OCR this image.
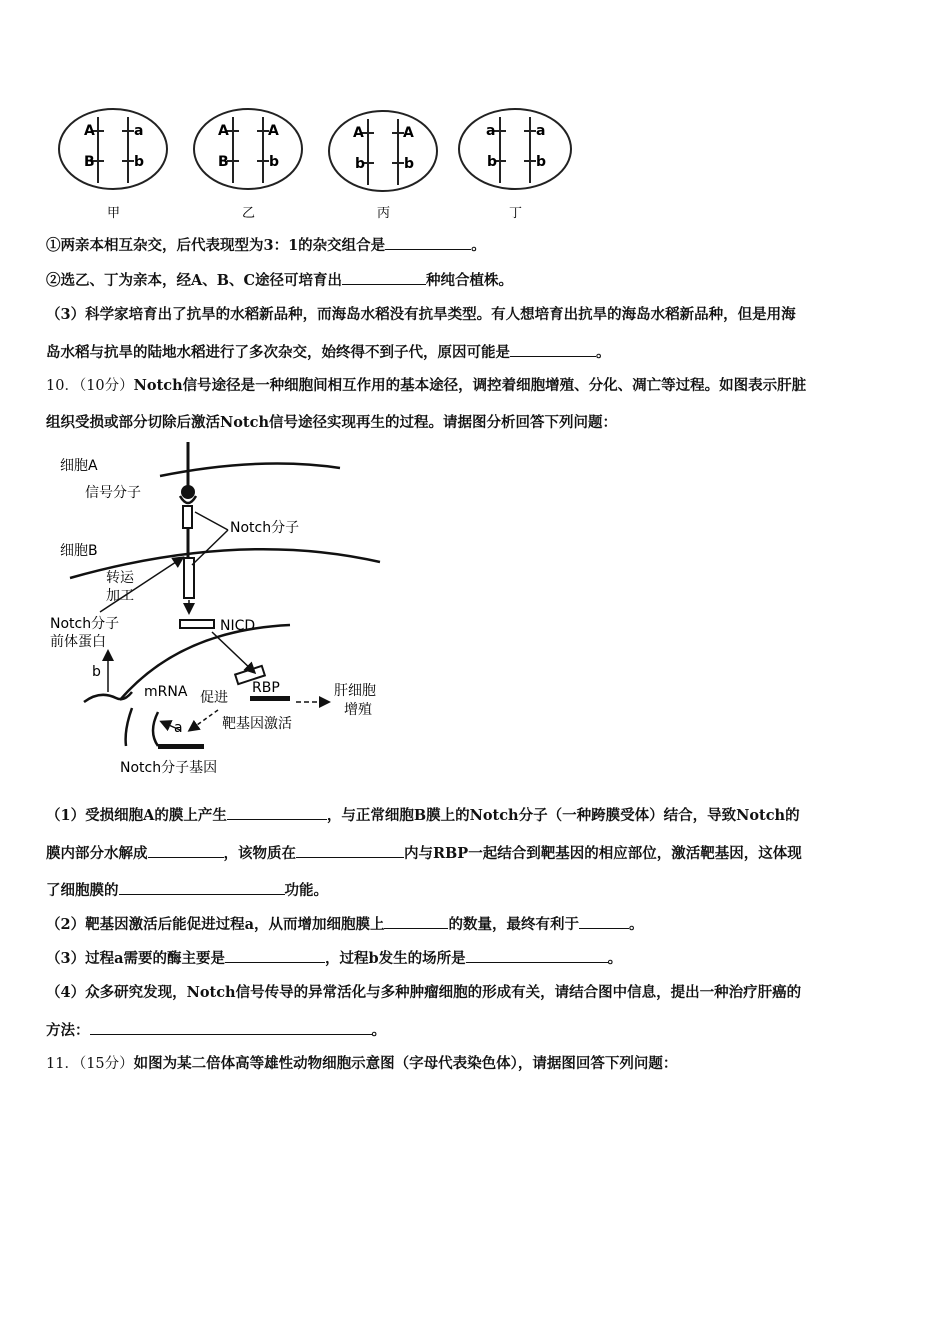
A	a
B	b
甲
A	A
B	b
乙
A	A
b	b
丙
a	a
b	b
丁
①两亲本相互杂交，后代表现型为3：1的杂交组合是	。
②选乙、丁为亲本，经A、B、C途径可培育出	种纯合植株。
（3）科学家培育出了抗旱的水稻新品种，而海岛水稻没有抗旱类型。有人想培育出抗旱的海岛水稻新品种，但是用海
岛水稻与抗旱的陆地水稻进行了多次杂交，始终得不到子代，原因可能是	。
10．（10分）Notch信号途径是一种细胞间相互作用的基本途径，调控着细胞增殖、分化、凋亡等过程。如图表示肝脏
组织受损或部分切除后激活Notch信号途径实现再生的过程。请据图分析回答下列问题：
细胞A
信号分子
Notch分子
细胞B
转运
加工
NICD
RBP	肝细胞
增殖
促进
靶基因激活
mRNA
a
Notch分子基因
Notch分子
前体蛋白
b
（1）受损细胞A的膜上产生	，与正常细胞B膜上的Notch分子（一种跨膜受体）结合，导致Notch的
膜内部分水解成	，该物质在	内与RBP一起结合到靶基因的相应部位，激活靶基因，这体现
了细胞膜的	功能。
（2）靶基因激活后能促进过程a，从而增加细胞膜上	的数量，最终有利于	。
（3）过程a需要的酶主要是	，过程b发生的场所是	。
（4）众多研究发现，Notch信号传导的异常活化与多种肿瘤细胞的形成有关，请结合图中信息，提出一种治疗肝癌的
方法：	。
11．（15分）如图为某二倍体高等雄性动物细胞示意图（字母代表染色体），请据图回答下列问题：
